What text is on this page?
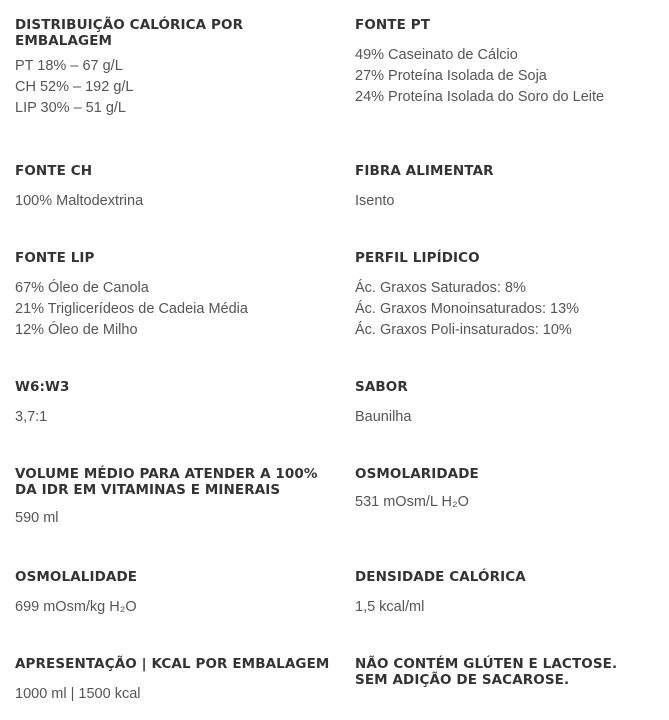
DISTRIBUIÇÃO CALÓRICA POR EMBALAGEM
PT 18% – 67 g/L
CH 52% – 192 g/L
LIP 30% – 51 g/L
FONTE PT
49% Caseinato de Cálcio
27% Proteína Isolada de Soja
24% Proteína Isolada do Soro do Leite
FONTE CH
100% Maltodextrina
FIBRA ALIMENTAR
Isento
FONTE LIP
67% Óleo de Canola
21% Triglicerídeos de Cadeia Média
12% Óleo de Milho
PERFIL LIPÍDICO
Ác. Graxos Saturados: 8%
Ác. Graxos Monoinsaturados: 13%
Ác. Graxos Poli-insaturados: 10%
W6:W3
3,7:1
SABOR
Baunilha
VOLUME MÉDIO PARA ATENDER A 100% DA IDR EM VITAMINAS E MINERAIS
590 ml
OSMOLARIDADE
531 mOsm/L H₂O
OSMOLALIDADE
699 mOsm/kg H₂O
DENSIDADE CALÓRICA
1,5 kcal/ml
APRESENTAÇÃO | KCAL POR EMBALAGEM
1000 ml | 1500 kcal
NÃO CONTÉM GLÚTEN E LACTOSE. SEM ADIÇÃO DE SACAROSE.
